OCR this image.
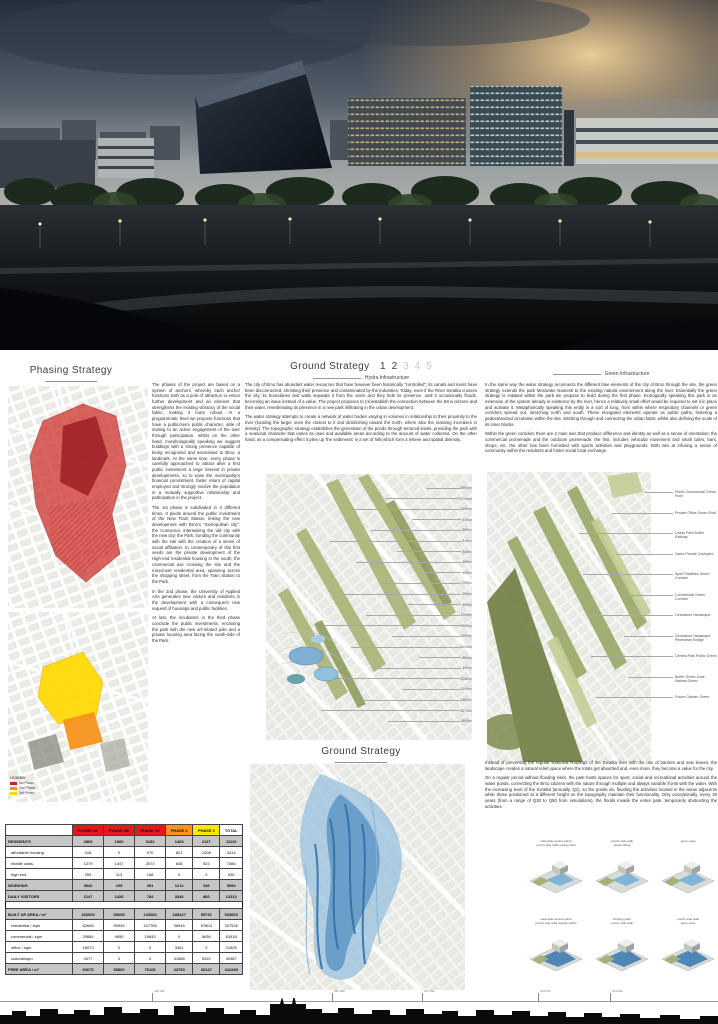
Phasing Strategy
LEGEND
1st Phase
2nd Phase
3rd Phase

The phases of the project are based on a system of anchors, whereby each anchor functions both as a pole of attraction to entice further development and an element that strengthens the existing vibrancy of the social fabric, making it more robust. At a programmatic level we propose functions that have a public/semi public character, able of inviting to an active engagement of the user through participation, whilst on the other hand, morphologically speaking we suggest buildings with a strong presence capable of being recognized and associated to Brno, a landmark. At the same time, every phase is carefully approached to attract after a first public investment a large interest in private developments, so to ease the municipality's financial commitment, faster return of capital employed and strongly involve the population in a mutually supportive relationship and participation in the project.

The 1st phase is subdivided in 3 different times. It pivots around the public investment of the New Train Station, linking the new development with Brno's "metropolitan city"; the Connector, intertwining the old city with the new city; the Park, bonding the community with the site with the creation of a sense of social affiliation. In contemporary of this first seeds are the private development of the High-end residential housing in the south, the commercial axe crossing the site and the mixed-use residential area, spanning across the shopping street, from the Train Station to the Park.

In the 2nd phase, the University of Applied Arts generates new visitors and residents in the development with a consequent new request of housings and public facilities.

At last, the incubators in the third phase conclude the public investments, enclosing the park with the new art-related pole and a private housing area facing the south-side of the Park.

Ground Strategy 1 2 3 4 5
Hydra Infrastructure

The city of Brno has abundant water resources that have however been historically "controlled"; its canals and rivers have been disconnected, shrinking their presence and contaminated by the industries. Today, even if the River Svratka crosses the city, its boundaries and walls separate it from the users and they hide its presence, until it occasionally floods, becoming an issue instead of a value. The project proposes to (re)establish the connection between the Brno citizens and their water, reverberating its presence in a new park infiltrating in the urban development.

The water strategy attempts to create a network of water bodies varying in volumes in relationship to their proximity to the river (locating the larger ones the closest to it and diminishing toward the north, where also the massing increases in density). The topographic strategy establishes the generation of the ponds through terraced levels, providing the park with a seasonal character that varies its uses and available areas according to the amount of water collected. On the other hand, as a compensating effect it piles up 'the sediments' in a set of hills which form a relieve and spatial diversity.

5050m²
4700m²
1490m²
530m²
560m²
510m²
540m²
480m²
590m²
1700m²
930m²
850m²
1000m²
2650m²
1390m²
8120m²
380m²
400m²
2040m²
1290m²
1482m²
3271m²
3390m²
Ground Strategy
Green Infrastructure

In the same way the water strategy reconnects the different blue elements of the city of Brno through the site, the green strategy extends the park Moravske Namesti to the existing natural environment along the river. Essentially the green strategy is initiated within the park we propose to build during the first phase. Ecologically speaking this park is an extension of the system already in existence by the river, hence a relatively small effort would be required to set it in place and activate it. Metaphorically speaking this entity is a sort of lung, from within where respiratory channels or green corridors spread out, stretching north and south. These elongated elements operate as public paths, fostering a pedestrianized circulation within the site, stitching through and connecting the urban fabric whilst also defining the scale of its inner blocks.

Within the green corridors there are 2 main axis that produce difference and identity as well as a sense of orientation; the commercial promenade and the outdoors promenade; the first, includes vehicular movement and small cafes, bars, shops, etc, the other has been furnished with sports activities and playgrounds. Both aim at infusing a sense of community within the residents and foster social local exchange.

Public Commercial Green Roof
Private Office Green Roof
Linear Park Buffer Railway
Users Private Courtyard
Sport Facilities Green Corridor
Commercial Green Corridor
Circulation Hardscape
Circulation Hardscape Pedestrian Bridge
Central Park Public Green
Buffer Green Zone Natural Green
Future Garden Green

Instead of preventing the regular seasonal floodings of the Svratka river with the use of barriers and new levees, the landscape creates a natural relief space where the totals get absorbed and, even more, they become a value for the city.

On a regular period without flooding risks, the park hosts spaces for sport, social and recreational activities around the water ponds, connecting the Brno citizens with the nature through multiple and always variable fronts with the water. With the increasing level of the Svratka (annually, Q1), so the ponds do, flooding the activities located in the areas adjacents while those positioned at a different height on the topography maintain their functionality. Only exceptionally, every 30 years (from a range of Q30 to Q50 from simulations), the floods invade the entire park, temporarily obstructing the activities.

waterside terrace plaza
pond's side walk cooling plant
pond's side walk
guard railing
green area
waterside terrace plaza
pond's side walk aquatic plants
flooding plant
pond's side walk
pond's side walk
green area
199.311	246.032	187.011	194.072	214.024
	PHASE 1A	PHASE 1B	PHASE 1C	PHASE 2	PHASE 3	TOTAL
RESIDENTS	2803	1060	3181	1469	2127	11110
affordable housing	418	0	970	821	1208	3414
middle class	1379	1447	2573	648	923	7366
high end	259	113	158	0	0	530
WORKING	3942	105	391	1212	246	5994
DAILY VISITORS	1247	1426	784	3346	860	13313

BUILT UP AREA / m²	153930	50695	133660	185447	59731	533663
residential / sqm	62698	50945	107766	38945	57804	327526
commercial / sqm	29884	9655	19843	0	5636	63418
office / sqm	18073	0	0	3461	0	21825
cultural/sqm	3477	0	0	41588	5320	49387
FREE AREA / m²	63675	55800	76106	43765	30147	342285
